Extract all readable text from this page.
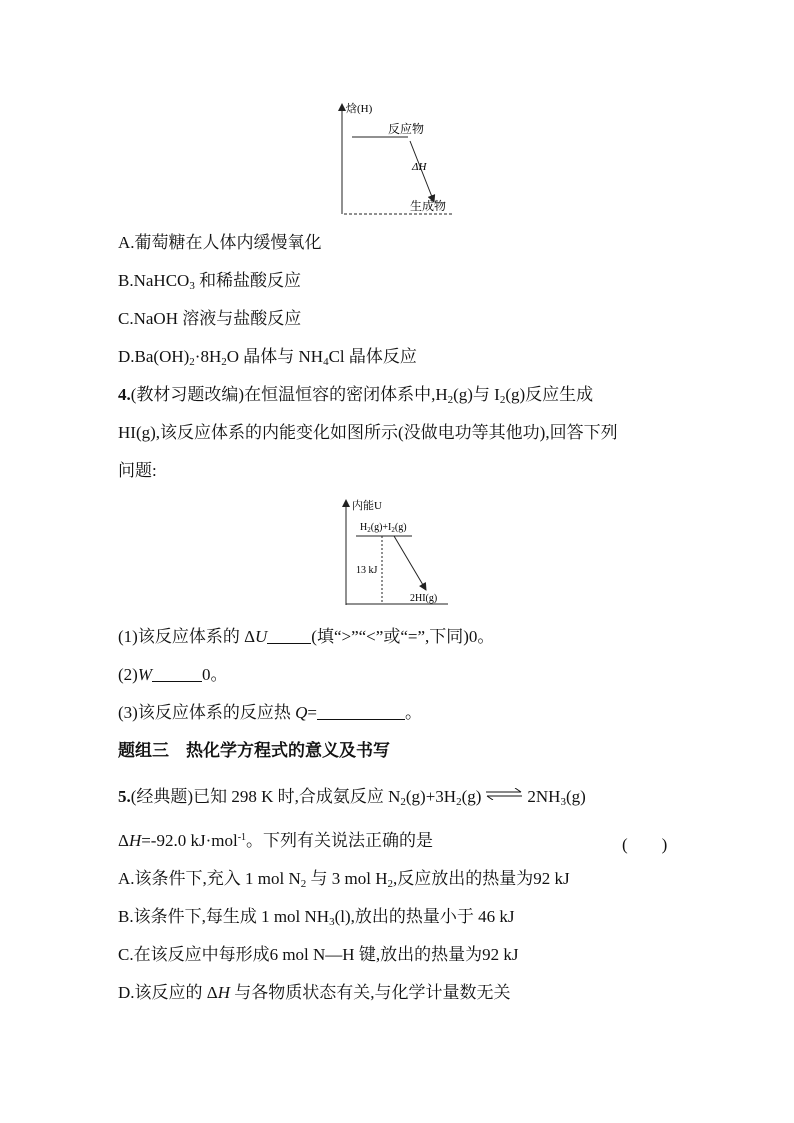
焓(H)
反应物
ΔH
生成物
A.葡萄糖在人体内缓慢氧化
B.NaHCO$_3$ 和稀盐酸反应
C.NaOH 溶液与盐酸反应
$D.Ba(OH)_2\cdot 8H_2O$ 晶体与 $NH_4Cl$ 晶体反应
4.(教材习题改编)在恒温恒容的密闭体系中$,H_2(g)$与 $I_2(g)$反应生成
HI(g),该反应体系的内能变化如图所示(没做电功等其他功),回答下列
问题:
内能U
$H_2(g)+I_2(g)$
13 kJ
2HI(g)
(1)该反应体系的 ΔU	(填“>”“<”或“=”,下同)0。
(2)W	0。
(3)该反应体系的反应热 Q=	。
题组三　热化学方程式的意义及书写
5.(经典题)已知 298 K 时,合成氨反应 $N_2(g)+3H_2(g)$ ⇌ $2NH_3(g)$
ΔH=-92.0 kJ·mol$^{-1}$。下列有关说法正确的是	(　　)
A.该条件下,充入 1 mol $N_2$ 与 3 mol $H_2$,反应放出的热量为92 kJ
B.该条件下,每生成 1 mol $NH_3(l)$,放出的热量小于 46 kJ
C.在该反应中每形成6 mol N—H 键,放出的热量为92 kJ
D.该反应的 ΔH 与各物质状态有关,与化学计量数无关
